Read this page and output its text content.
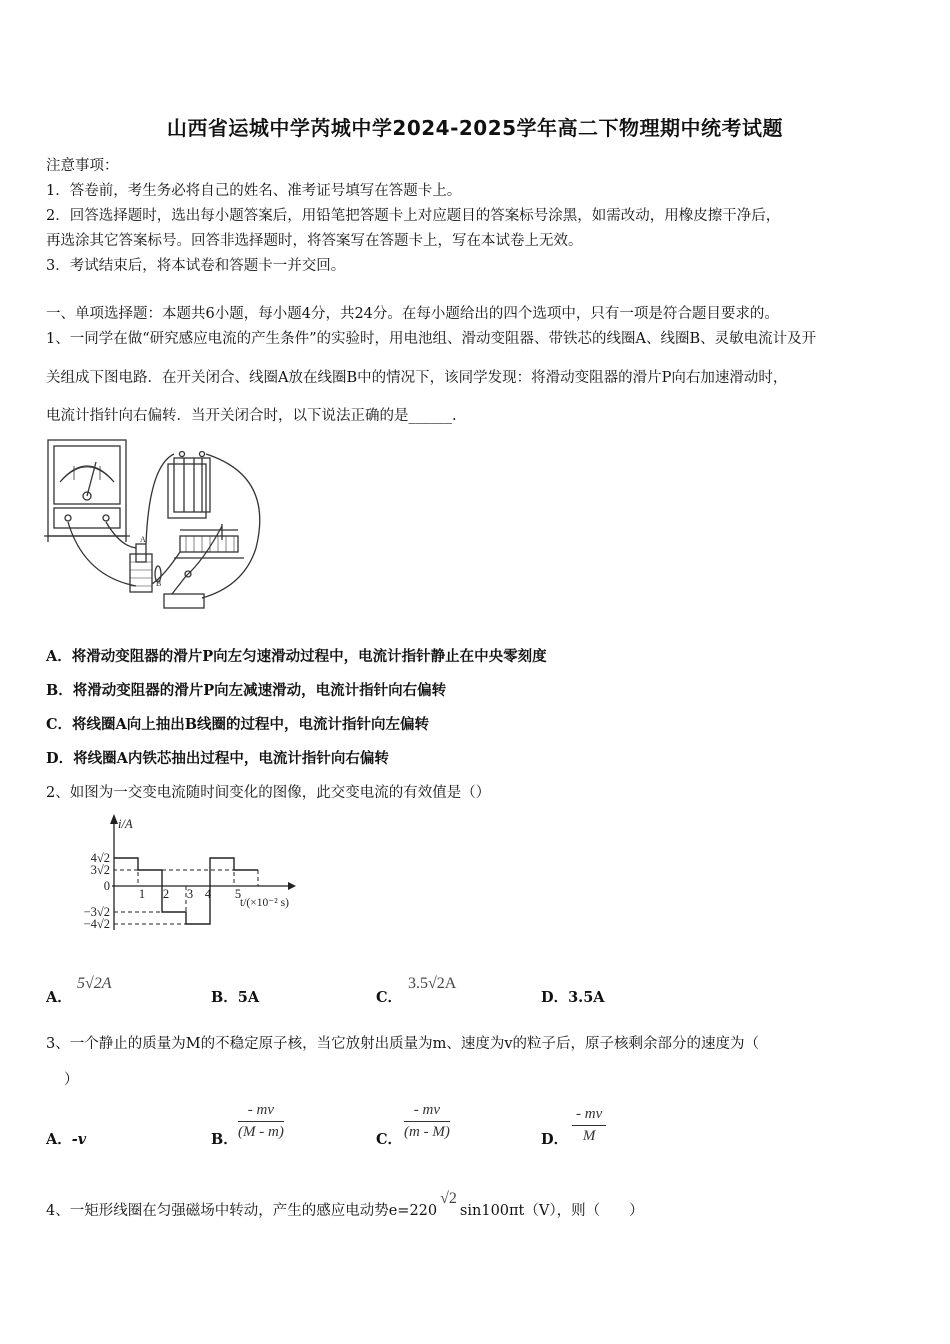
山西省运城中学芮城中学2024-2025学年高二下物理期中统考试题
注意事项：
1．答卷前，考生务必将自己的姓名、准考证号填写在答题卡上。
2．回答选择题时，选出每小题答案后，用铅笔把答题卡上对应题目的答案标号涂黑，如需改动，用橡皮擦干净后，
再选涂其它答案标号。回答非选择题时，将答案写在答题卡上，写在本试卷上无效。
3．考试结束后，将本试卷和答题卡一并交回。
一、单项选择题：本题共6小题，每小题4分，共24分。在每小题给出的四个选项中，只有一项是符合题目要求的。
1、一同学在做“研究感应电流的产生条件”的实验时，用电池组、滑动变阻器、带铁芯的线圈A、线圈B、灵敏电流计及开
关组成下图电路．在开关闭合、线圈A放在线圈B中的情况下，该同学发现：将滑动变阻器的滑片P向右加速滑动时，
电流计指针向右偏转．当开关闭合时，以下说法正确的是______.
A
B
A．将滑动变阻器的滑片P向左匀速滑动过程中，电流计指针静止在中央零刻度
B．将滑动变阻器的滑片P向左减速滑动，电流计指针向右偏转
C．将线圈A向上抽出B线圈的过程中，电流计指针向左偏转
D．将线圈A内铁芯抽出过程中，电流计指针向右偏转
2、如图为一交变电流随时间变化的图像，此交变电流的有效值是（）
4√2
3√2
0
−3√2
−4√2
1 2 3 4 5
i/A
t/(×10⁻² s)
A．
5√2A
B．5A	C．
3.5√2A
D．3.5A
3、一个静止的质量为M的不稳定原子核，当它放射出质量为m、速度为v的粒子后，原子核剩余部分的速度为（
）
A．-v	B． $\frac{- mv}{(M - m)}$	C． $\frac{- mv}{(m - M)}$	D． $\frac{- mv}{M}$
4、一矩形线圈在匀强磁场中转动，产生的感应电动势e=220√2sin100πt（V），则（　　）
